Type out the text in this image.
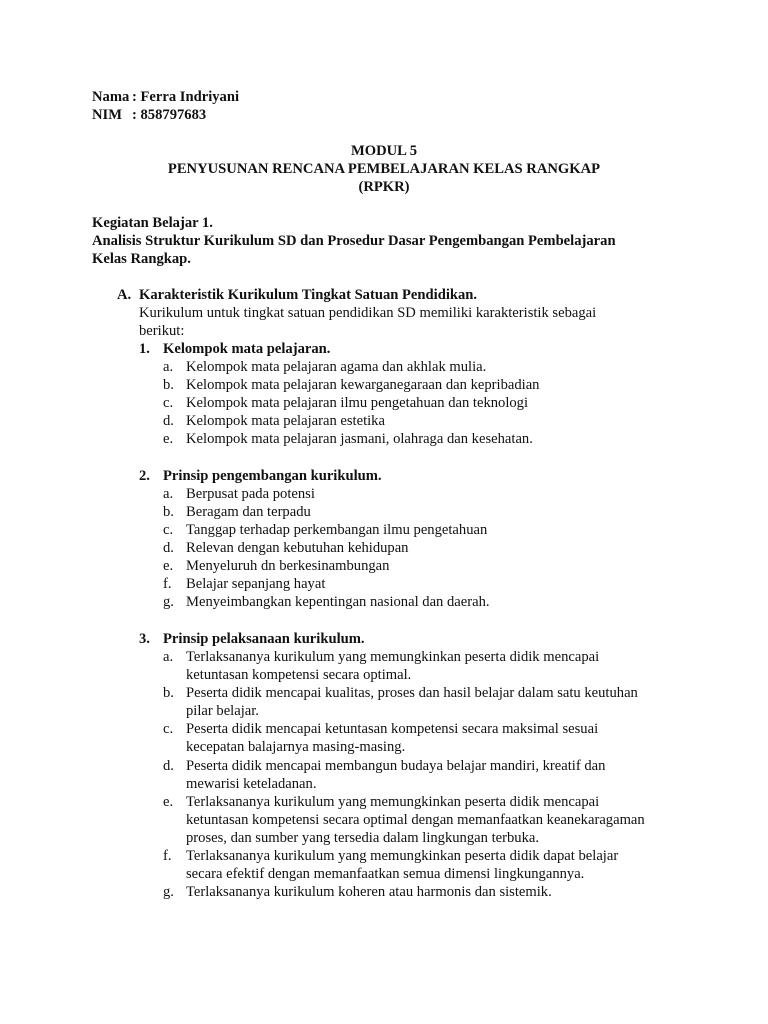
Nama : Ferra Indriyani
NIM : 858797683
MODUL 5
PENYUSUNAN RENCANA PEMBELAJARAN KELAS RANGKAP
(RPKR)
Kegiatan Belajar 1.
Analisis Struktur Kurikulum SD dan Prosedur Dasar Pengembangan Pembelajaran
Kelas Rangkap.
A. Karakteristik Kurikulum Tingkat Satuan Pendidikan.
Kurikulum untuk tingkat satuan pendidikan SD memiliki karakteristik sebagai
berikut:
1. Kelompok mata pelajaran.
a. Kelompok mata pelajaran agama dan akhlak mulia.
b. Kelompok mata pelajaran kewarganegaraan dan kepribadian
c. Kelompok mata pelajaran ilmu pengetahuan dan teknologi
d. Kelompok mata pelajaran estetika
e. Kelompok mata pelajaran jasmani, olahraga dan kesehatan.
2. Prinsip pengembangan kurikulum.
a. Berpusat pada potensi
b. Beragam dan terpadu
c. Tanggap terhadap perkembangan ilmu pengetahuan
d. Relevan dengan kebutuhan kehidupan
e. Menyeluruh dn berkesinambungan
f. Belajar sepanjang hayat
g. Menyeimbangkan kepentingan nasional dan daerah.
3. Prinsip pelaksanaan kurikulum.
a. Terlaksananya kurikulum yang memungkinkan peserta didik mencapai
ketuntasan kompetensi secara optimal.
b. Peserta didik mencapai kualitas, proses dan hasil belajar dalam satu keutuhan
pilar belajar.
c. Peserta didik mencapai ketuntasan kompetensi secara maksimal sesuai
kecepatan balajarnya masing-masing.
d. Peserta didik mencapai membangun budaya belajar mandiri, kreatif dan
mewarisi keteladanan.
e. Terlaksananya kurikulum yang memungkinkan peserta didik mencapai
ketuntasan kompetensi secara optimal dengan memanfaatkan keanekaragaman
proses, dan sumber yang tersedia dalam lingkungan terbuka.
f. Terlaksananya kurikulum yang memungkinkan peserta didik dapat belajar
secara efektif dengan memanfaatkan semua dimensi lingkungannya.
g. Terlaksananya kurikulum koheren atau harmonis dan sistemik.
